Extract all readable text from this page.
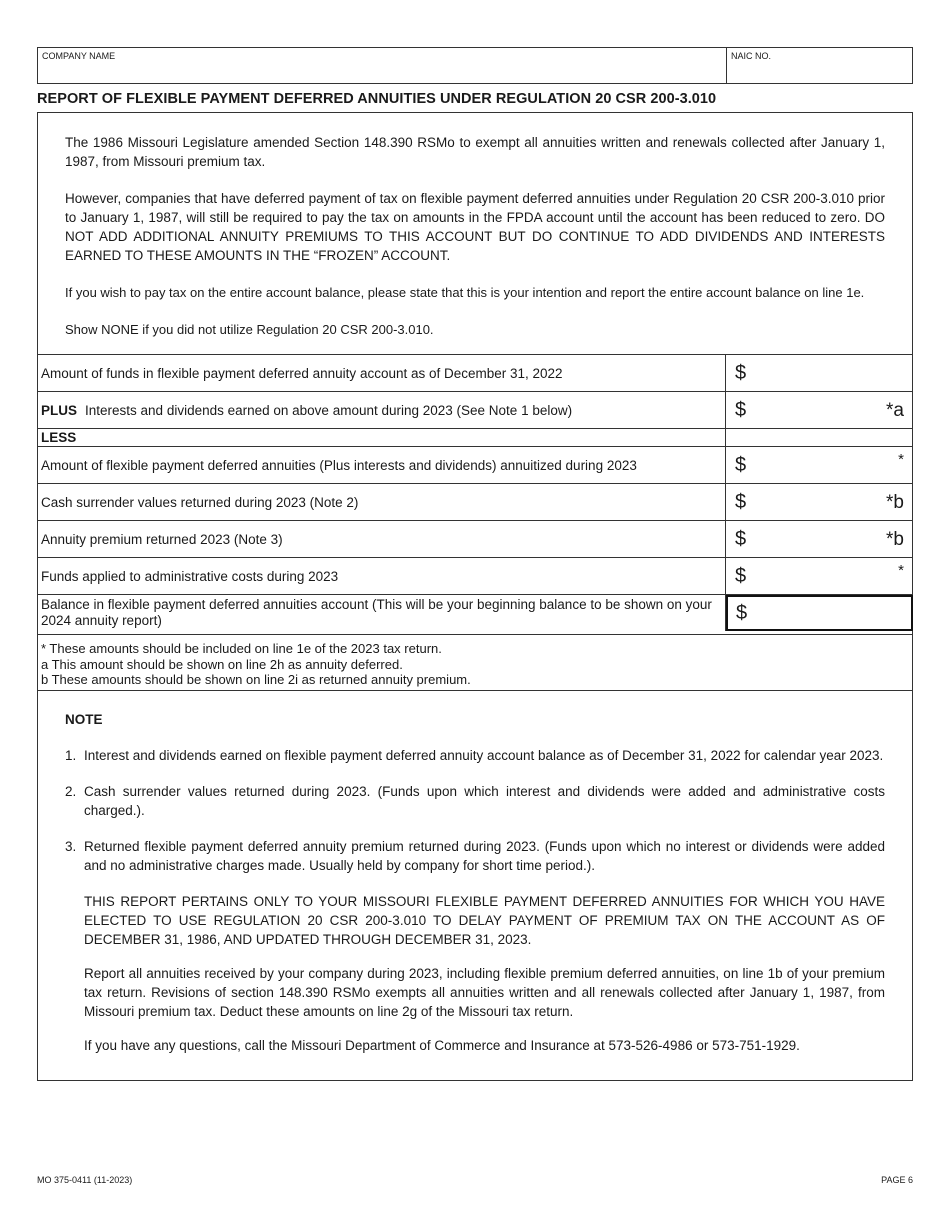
COMPANY NAME	NAIC NO.
REPORT OF FLEXIBLE PAYMENT DEFERRED ANNUITIES UNDER REGULATION 20 CSR 200-3.010

The 1986 Missouri Legislature amended Section 148.390 RSMo to exempt all annuities written and renewals collected after January 1, 1987, from Missouri premium tax.

However, companies that have deferred payment of tax on flexible payment deferred annuities under Regulation 20 CSR 200-3.010 prior to January 1, 1987, will still be required to pay the tax on amounts in the FPDA account until the account has been reduced to zero. DO NOT ADD ADDITIONAL ANNUITY PREMIUMS TO THIS ACCOUNT BUT DO CONTINUE TO ADD DIVIDENDS AND INTERESTS EARNED TO THESE AMOUNTS IN THE “FROZEN” ACCOUNT.

If you wish to pay tax on the entire account balance, please state that this is your intention and report the entire account balance on line 1e.

Show NONE if you did not utilize Regulation 20 CSR 200-3.010.

Amount of funds in flexible payment deferred annuity account as of December 31, 2022	$
PLUS Interests and dividends earned on above amount during 2023 (See Note 1 below)	$	*a
LESS
Amount of flexible payment deferred annuities (Plus interests and dividends) annuitized during 2023	$	*
Cash surrender values returned during 2023 (Note 2)	$	*b
Annuity premium returned 2023 (Note 3)	$	*b
Funds applied to administrative costs during 2023	$	*
Balance in flexible payment deferred annuities account (This will be your beginning balance to be shown on your 2024 annuity report)	$
* These amounts should be included on line 1e of the 2023 tax return.
a This amount should be shown on line 2h as annuity deferred.
b These amounts should be shown on line 2i as returned annuity premium.
NOTE
1. Interest and dividends earned on flexible payment deferred annuity account balance as of December 31, 2022 for calendar year 2023.
2. Cash surrender values returned during 2023. (Funds upon which interest and dividends were added and administrative costs charged.).
3. Returned flexible payment deferred annuity premium returned during 2023. (Funds upon which no interest or dividends were added and no administrative charges made. Usually held by company for short time period.).
THIS REPORT PERTAINS ONLY TO YOUR MISSOURI FLEXIBLE PAYMENT DEFERRED ANNUITIES FOR WHICH YOU HAVE ELECTED TO USE REGULATION 20 CSR 200-3.010 TO DELAY PAYMENT OF PREMIUM TAX ON THE ACCOUNT AS OF DECEMBER 31, 1986, AND UPDATED THROUGH DECEMBER 31, 2023.
Report all annuities received by your company during 2023, including flexible premium deferred annuities, on line 1b of your premium tax return. Revisions of section 148.390 RSMo exempts all annuities written and all renewals collected after January 1, 1987, from Missouri premium tax. Deduct these amounts on line 2g of the Missouri tax return.
If you have any questions, call the Missouri Department of Commerce and Insurance at 573-526-4986 or 573-751-1929.
MO 375-0411 (11-2023)	PAGE 6
